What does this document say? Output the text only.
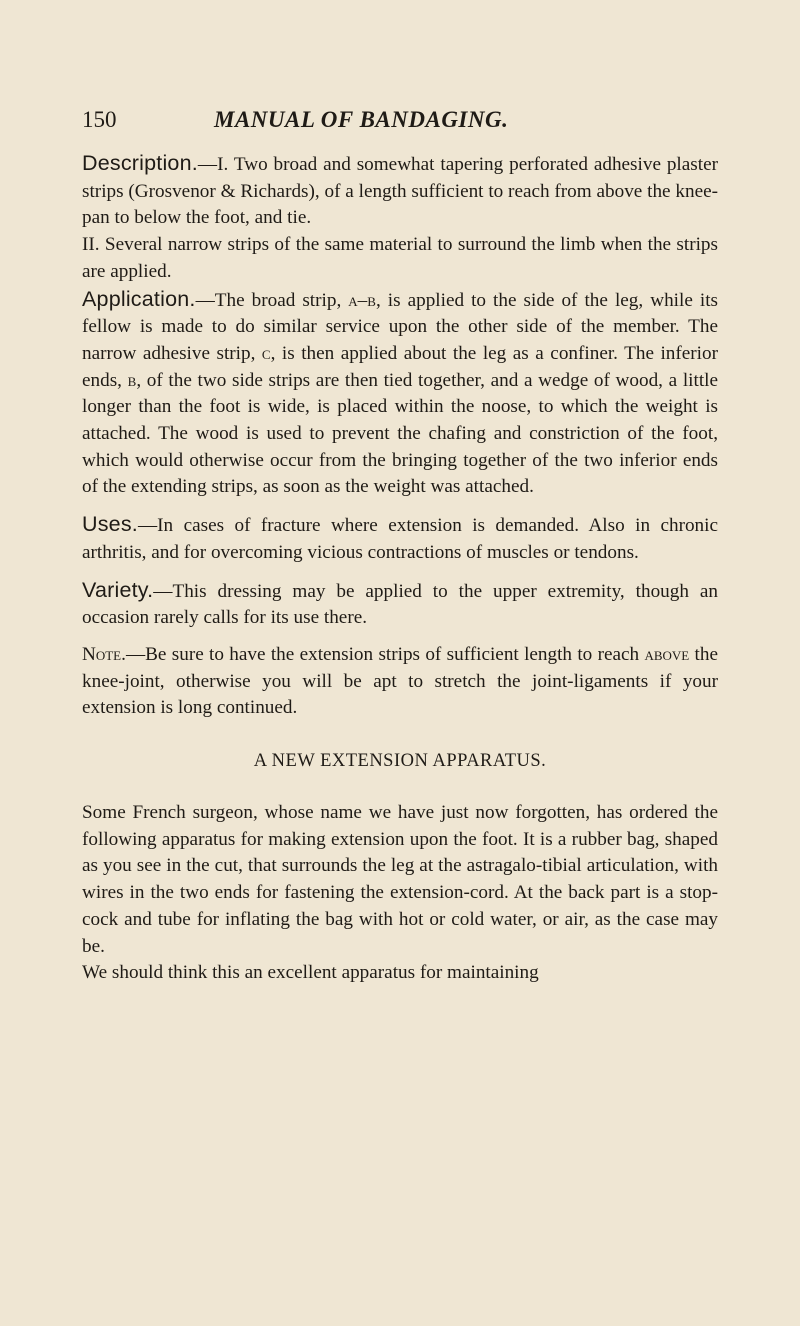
150	MANUAL OF BANDAGING.

Description.—I. Two broad and somewhat tapering perforated adhesive plaster strips (Grosvenor & Richards), of a length sufficient to reach from above the knee-pan to below the foot, and tie.

II. Several narrow strips of the same material to surround the limb when the strips are applied.

Application.—The broad strip, a–b, is applied to the side of the leg, while its fellow is made to do similar service upon the other side of the member. The narrow adhesive strip, c, is then applied about the leg as a confiner. The inferior ends, b, of the two side strips are then tied together, and a wedge of wood, a little longer than the foot is wide, is placed within the noose, to which the weight is attached. The wood is used to prevent the chafing and constriction of the foot, which would otherwise occur from the bringing together of the two inferior ends of the extending strips, as soon as the weight was attached.

Uses.—In cases of fracture where extension is demanded. Also in chronic arthritis, and for overcoming vicious contractions of muscles or tendons.

Variety.—This dressing may be applied to the upper extremity, though an occasion rarely calls for its use there.

Note.—Be sure to have the extension strips of sufficient length to reach above the knee-joint, otherwise you will be apt to stretch the joint-ligaments if your extension is long continued.

A NEW EXTENSION APPARATUS.

Some French surgeon, whose name we have just now forgotten, has ordered the following apparatus for making extension upon the foot. It is a rubber bag, shaped as you see in the cut, that surrounds the leg at the astragalo-tibial articulation, with wires in the two ends for fastening the extension-cord. At the back part is a stop-cock and tube for inflating the bag with hot or cold water, or air, as the case may be.

We should think this an excellent apparatus for maintaining
